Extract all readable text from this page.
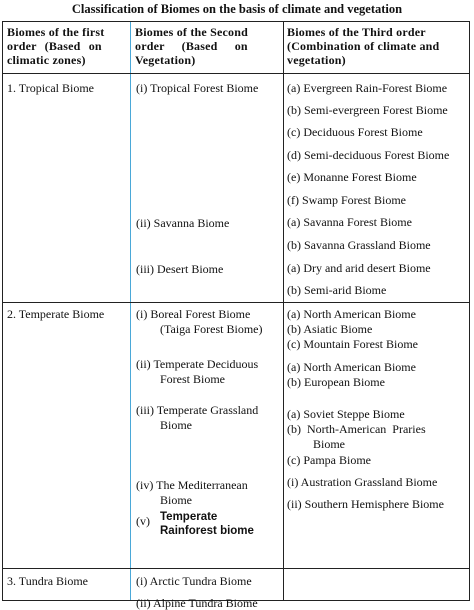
Classification of Biomes on the basis of climate and vegetation
Biomes of the first
order (Based on
climatic zones)
Biomes of the Second
order (Based on
Vegetation)
Biomes of the Third order
(Combination of climate and
vegetation)
1. Tropical Biome
2. Temperate Biome
3. Tundra Biome
(i) Tropical Forest Biome
(ii) Savanna Biome
(iii) Desert Biome
(i) Boreal Forest Biome
(Taiga Forest Biome)
(ii) Temperate Deciduous
Forest Biome
(iii) Temperate Grassland
Biome
(iv) The Mediterranean
Biome
(v) Temperate
Rainforest biome
(i) Arctic Tundra Biome
(ii) Alpine Tundra Biome
(a) Evergreen Rain-Forest Biome
(b) Semi-evergreen Forest Biome
(c) Deciduous Forest Biome
(d) Semi-deciduous Forest Biome
(e) Monanne Forest Biome
(f) Swamp Forest Biome
(a) Savanna Forest Biome
(b) Savanna Grassland Biome
(a) Dry and arid desert Biome
(b) Semi-arid Biome
(a) North American Biome
(b) Asiatic Biome
(c) Mountain Forest Biome
(a) North American Biome
(b) European Biome
(a) Soviet Steppe Biome
(b) North-American Praries
Biome
(c) Pampa Biome
(i) Austration Grassland Biome
(ii) Southern Hemisphere Biome
